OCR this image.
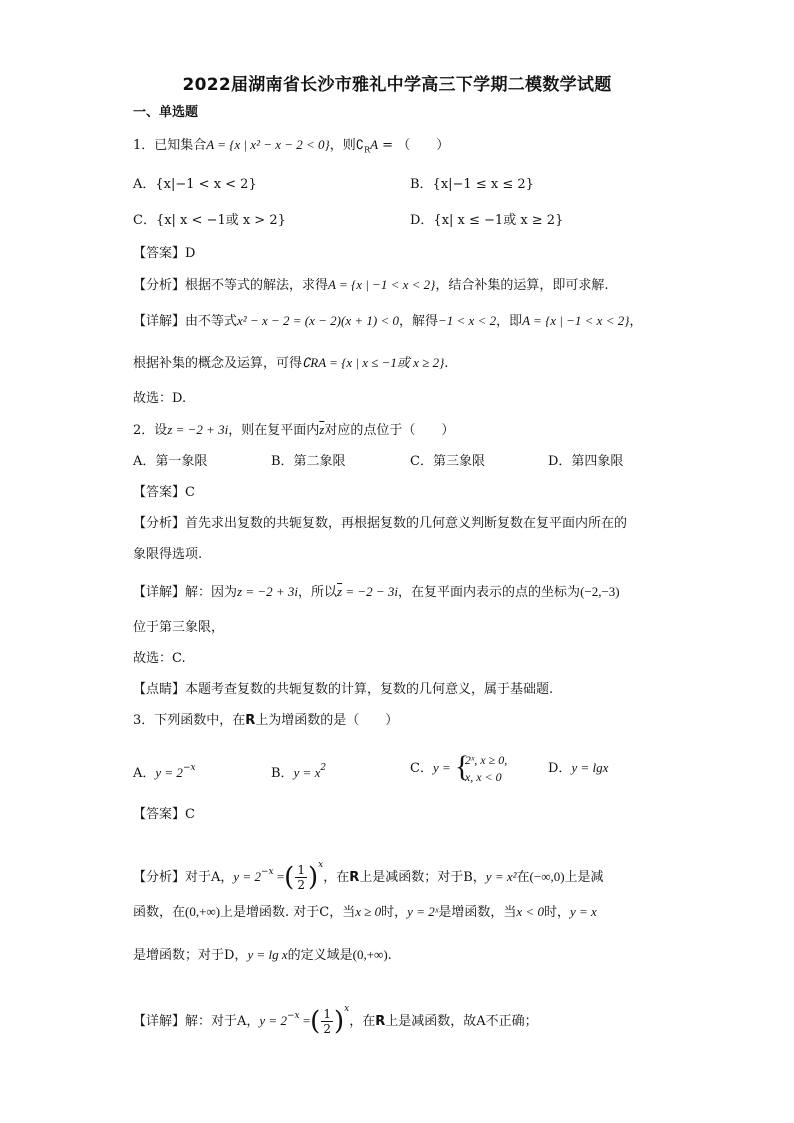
2022届湖南省长沙市雅礼中学高三下学期二模数学试题
一、单选题
1．已知集合A = {x | x² − x − 2 < 0}，则$∁_RA$ = （　　）
A．{x|−1 < x < 2}	B．{x|−1 ≤ x ≤ 2}
C．{x| x < −1或 x > 2}	D．{x| x ≤ −1或 x ≥ 2}
【答案】D
【分析】根据不等式的解法，求得A = {x | −1 < x < 2}，结合补集的运算，即可求解.
【详解】由不等式x² − x − 2 = (x − 2)(x + 1) < 0，解得−1 < x < 2，即A = {x | −1 < x < 2}，
根据补集的概念及运算，可得∁RA = {x | x ≤ −1或 x ≥ 2}.
故选：D.
2．设z = −2 + 3i，则在复平面内$\overline{z}$对应的点位于（　　）
A．第一象限	B．第二象限	C．第三象限	D．第四象限
【答案】C
【分析】首先求出复数的共轭复数，再根据复数的几何意义判断复数在复平面内所在的
象限得选项.
【详解】解：因为z = −2 + 3i，所以$\overline{z} = -2 - 3i$，在复平面内表示的点的坐标为(−2,−3)
位于第三象限，
故选：C.
【点睛】本题考查复数的共轭复数的计算，复数的几何意义，属于基础题.
3．下列函数中，在R上为增函数的是（　　）
A．$y = 2^{-x}$	B．$y = x^2$	C．y = {
2ˣ, x ≥ 0,
x, x < 0
D．y = lgx
【答案】C
【分析】对于A，$y = 2^{-x}$ =( $\frac{1}{2} )^x$，在R上是减函数；对于B，y = x²在(−∞,0)上是减
函数，在(0,+∞)上是增函数. 对于C，当x ≥ 0时，y = 2ˣ是增函数，当x < 0时，y = x
是增函数；对于D，y = lg x的定义域是(0,+∞).
【详解】解：对于A，$y = 2^{-x}$ =( $\frac{1}{2} )^x$，在R上是减函数，故A不正确；
